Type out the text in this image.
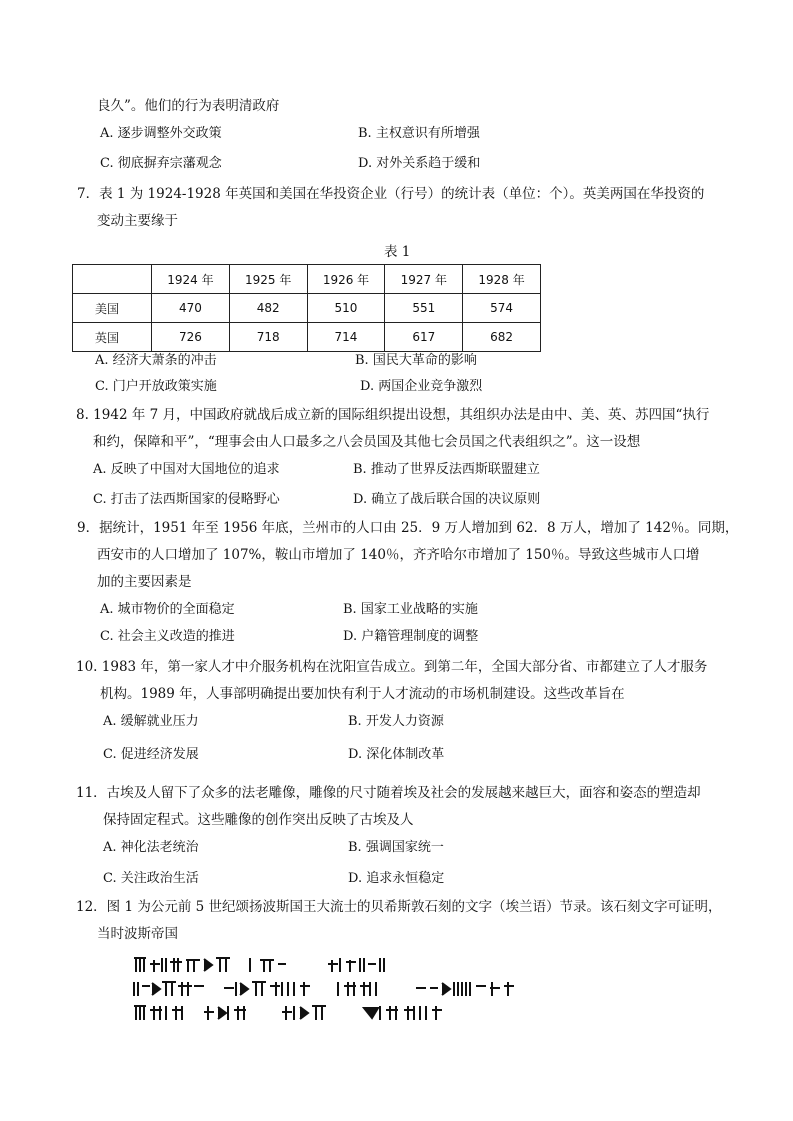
良久”。他们的行为表明清政府
A. 逐步调整外交政策	B. 主权意识有所增强
C. 彻底摒弃宗藩观念	D. 对外关系趋于缓和
7．表 1 为 1924-1928 年英国和美国在华投资企业（行号）的统计表（单位：个）。英美两国在华投资的
变动主要缘于
表 1
	1924 年	1925 年	1926 年	1927 年	1928 年
美国	470	482	510	551	574
英国	726	718	714	617	682
A. 经济大萧条的冲击	B. 国民大革命的影响
C. 门户开放政策实施	D. 两国企业竞争激烈
8. 1942 年 7 月，中国政府就战后成立新的国际组织提出设想，其组织办法是由中、美、英、苏四国“执行
和约，保障和平”，“理事会由人口最多之八会员国及其他七会员国之代表组织之”。这一设想
A. 反映了中国对大国地位的追求	B. 推动了世界反法西斯联盟建立
C. 打击了法西斯国家的侵略野心	D. 确立了战后联合国的决议原则
9．据统计，1951 年至 1956 年底，兰州市的人口由 25．9 万人增加到 62．8 万人，增加了 142％。同期，
西安市的人口增加了 107%，鞍山市增加了 140％，齐齐哈尔市增加了 150％。导致这些城市人口增
加的主要因素是
A. 城市物价的全面稳定	B. 国家工业战略的实施
C. 社会主义改造的推进	D. 户籍管理制度的调整
10. 1983 年，第一家人才中介服务机构在沈阳宣告成立。到第二年，全国大部分省、市都建立了人才服务
机构。1989 年，人事部明确提出要加快有利于人才流动的市场机制建设。这些改革旨在
A. 缓解就业压力	B. 开发人力资源
C. 促进经济发展	D. 深化体制改革
11．古埃及人留下了众多的法老雕像，雕像的尺寸随着埃及社会的发展越来越巨大，面容和姿态的塑造却
保持固定程式。这些雕像的创作突出反映了古埃及人
A. 神化法老统治	B. 强调国家统一
C. 关注政治生活	D. 追求永恒稳定
12．图 1 为公元前 5 世纪颂扬波斯国王大流士的贝希斯敦石刻的文字（埃兰语）节录。该石刻文字可证明，
当时波斯帝国
